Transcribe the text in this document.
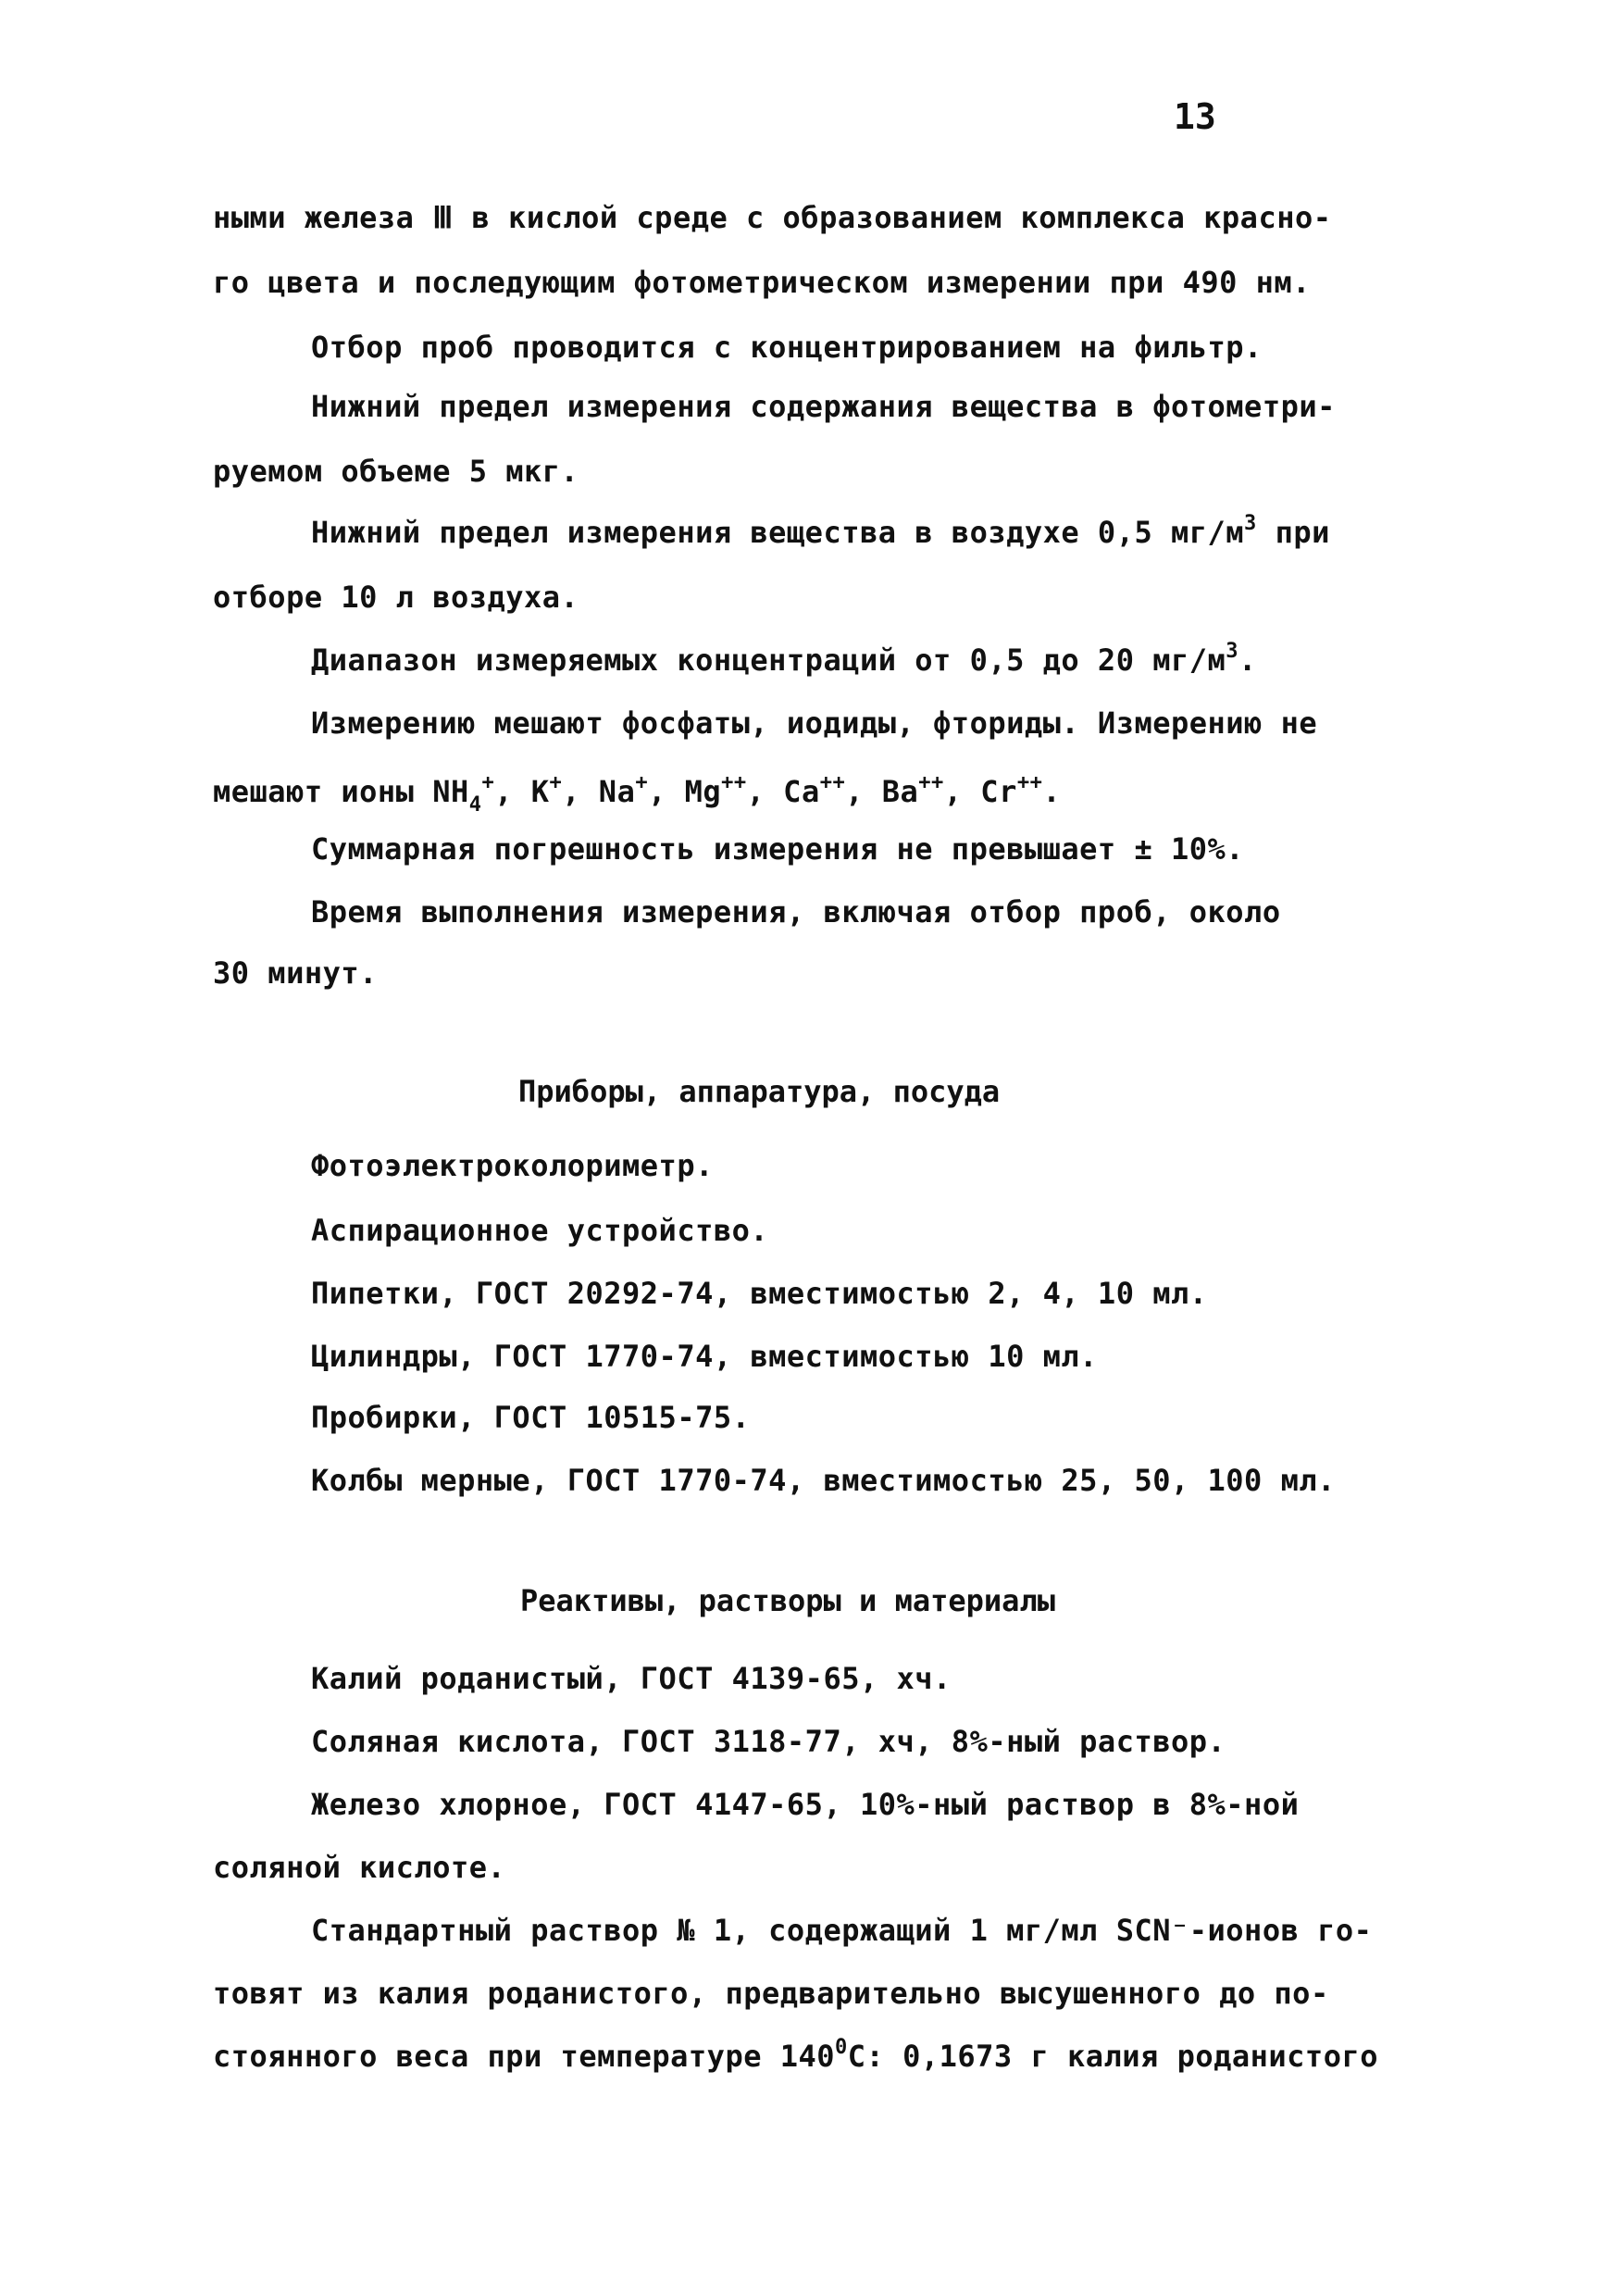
13
ными железа Ⅲ в кислой среде с образованием комплекса красно-
го цвета и последующим фотометрическом измерении при 490 нм.
Отбор проб проводится с концентрированием на фильтр.
Нижний предел измерения содержания вещества в фотометри-
руемом объеме 5 мкг.
Нижний предел измерения вещества в воздухе 0,5 $мг/м^3$ при
отборе 10 л воздуха.
Диапазон измеряемых концентраций от 0,5 до 20 $мг/м^3$.
Измерению мешают фосфаты, иодиды, фториды. Измерению не
мешают ионы $NH_4^+$, K+, Na+, Mg++, Ca++, Ba++, Cr++.
Суммарная погрешность измерения не превышает ± 10%.
Время выполнения измерения, включая отбор проб, около
30 минут.
Приборы, аппаратура, посуда
Фотоэлектроколориметр.
Аспирационное устройство.
Пипетки, ГОСТ 20292-74, вместимостью 2, 4, 10 мл.
Цилиндры, ГОСТ 1770-74, вместимостью 10 мл.
Пробирки, ГОСТ 10515-75.
Колбы мерные, ГОСТ 1770-74, вместимостью 25, 50, 100 мл.
Реактивы, растворы и материалы
Калий роданистый, ГОСТ 4139-65, хч.
Соляная кислота, ГОСТ 3118-77, хч, 8%-ный раствор.
Железо хлорное, ГОСТ 4147-65, 10%-ный раствор в 8%-ной
соляной кислоте.
Стандартный раствор № 1, содержащий 1 мг/мл SCN⁻-ионов го-
товят из калия роданистого, предварительно высушенного до по-
стоянного веса при температуре $140^0С$: 0,1673 г калия роданистого
